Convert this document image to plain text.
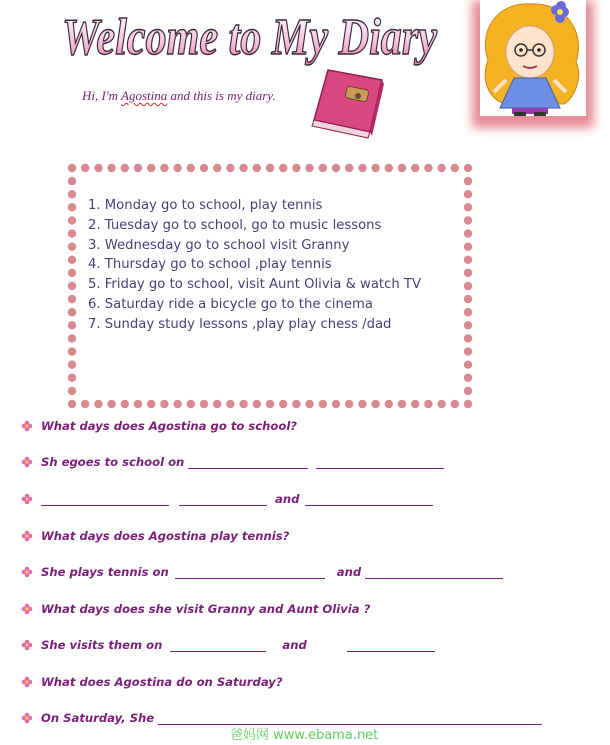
Welcome to My Diary
Hi, I'm Agostina and this is my diary.
1. Monday go to school, play tennis
2. Tuesday go to school, go to music lessons
3. Wednesday go to school visit Granny
4. Thursday go to school ,play tennis
5. Friday go to school, visit Aunt Olivia & watch TV
6. Saturday ride a bicycle go to the cinema
7. Sunday study lessons ,play play chess /dad
What days does Agostina go to school?
Sh egoes to school on
and
What days does Agostina play tennis?
She plays tennis on	and
What days does she visit Granny and Aunt Olivia ?
She visits them on	and
What does Agostina do on Saturday?
On Saturday, She
爸妈网 www.ebama.net
